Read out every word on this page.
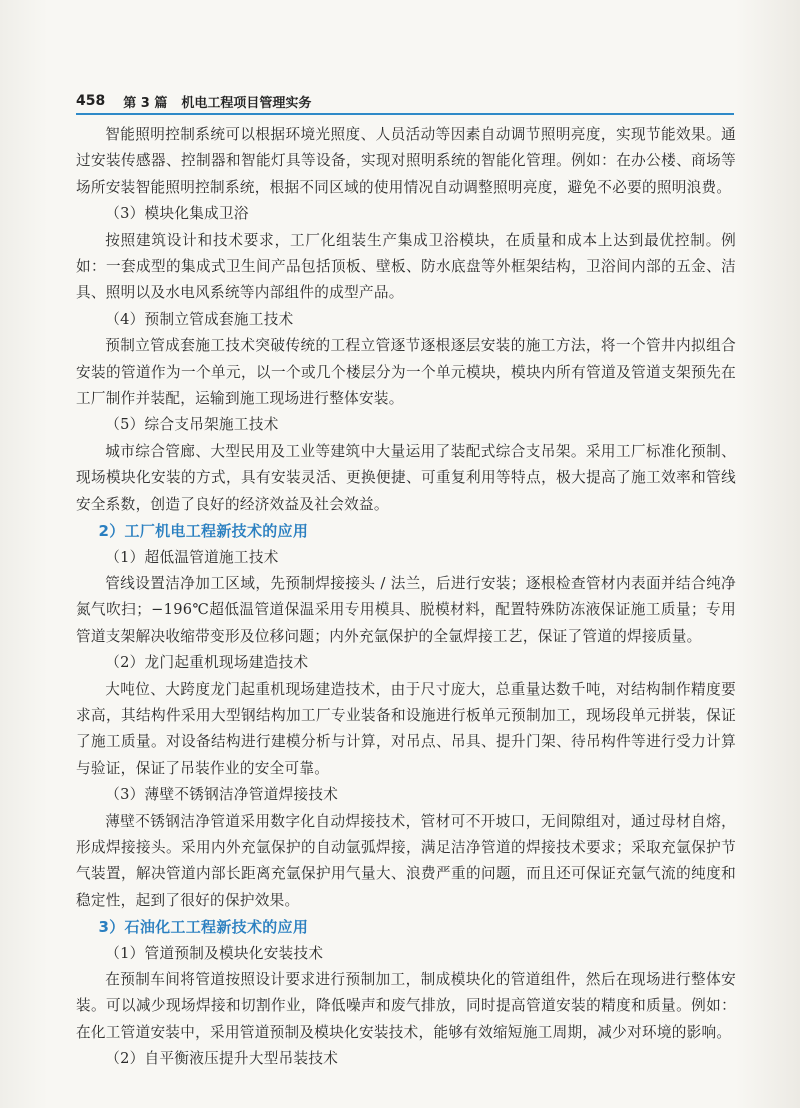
458 第 3 篇 机电工程项目管理实务

智能照明控制系统可以根据环境光照度、人员活动等因素自动调节照明亮度，实现节能效果。通过安装传感器、控制器和智能灯具等设备，实现对照明系统的智能化管理。例如：在办公楼、商场等场所安装智能照明控制系统，根据不同区域的使用情况自动调整照明亮度，避免不必要的照明浪费。

（3）模块化集成卫浴

按照建筑设计和技术要求，工厂化组装生产集成卫浴模块，在质量和成本上达到最优控制。例如：一套成型的集成式卫生间产品包括顶板、壁板、防水底盘等外框架结构，卫浴间内部的五金、洁具、照明以及水电风系统等内部组件的成型产品。

（4）预制立管成套施工技术

预制立管成套施工技术突破传统的工程立管逐节逐根逐层安装的施工方法，将一个管井内拟组合安装的管道作为一个单元，以一个或几个楼层分为一个单元模块，模块内所有管道及管道支架预先在工厂制作并装配，运输到施工现场进行整体安装。

（5）综合支吊架施工技术

城市综合管廊、大型民用及工业等建筑中大量运用了装配式综合支吊架。采用工厂标准化预制、现场模块化安装的方式，具有安装灵活、更换便捷、可重复利用等特点，极大提高了施工效率和管线安全系数，创造了良好的经济效益及社会效益。

2）工厂机电工程新技术的应用
（1）超低温管道施工技术

管线设置洁净加工区域，先预制焊接接头 / 法兰，后进行安装；逐根检查管材内表面并结合纯净氮气吹扫；−196℃超低温管道保温采用专用模具、脱模材料，配置特殊防冻液保证施工质量；专用管道支架解决收缩带变形及位移问题；内外充氩保护的全氩焊接工艺，保证了管道的焊接质量。

（2）龙门起重机现场建造技术

大吨位、大跨度龙门起重机现场建造技术，由于尺寸庞大，总重量达数千吨，对结构制作精度要求高，其结构件采用大型钢结构加工厂专业装备和设施进行板单元预制加工，现场段单元拼装，保证了施工质量。对设备结构进行建模分析与计算，对吊点、吊具、提升门架、待吊构件等进行受力计算与验证，保证了吊装作业的安全可靠。

（3）薄壁不锈钢洁净管道焊接技术

薄壁不锈钢洁净管道采用数字化自动焊接技术，管材可不开坡口，无间隙组对，通过母材自熔，形成焊接接头。采用内外充氩保护的自动氩弧焊接，满足洁净管道的焊接技术要求；采取充氩保护节气装置，解决管道内部长距离充氩保护用气量大、浪费严重的问题，而且还可保证充氩气流的纯度和稳定性，起到了很好的保护效果。

3）石油化工工程新技术的应用
（1）管道预制及模块化安装技术

在预制车间将管道按照设计要求进行预制加工，制成模块化的管道组件，然后在现场进行整体安装。可以减少现场焊接和切割作业，降低噪声和废气排放，同时提高管道安装的精度和质量。例如：在化工管道安装中，采用管道预制及模块化安装技术，能够有效缩短施工周期，减少对环境的影响。

（2）自平衡液压提升大型吊装技术
